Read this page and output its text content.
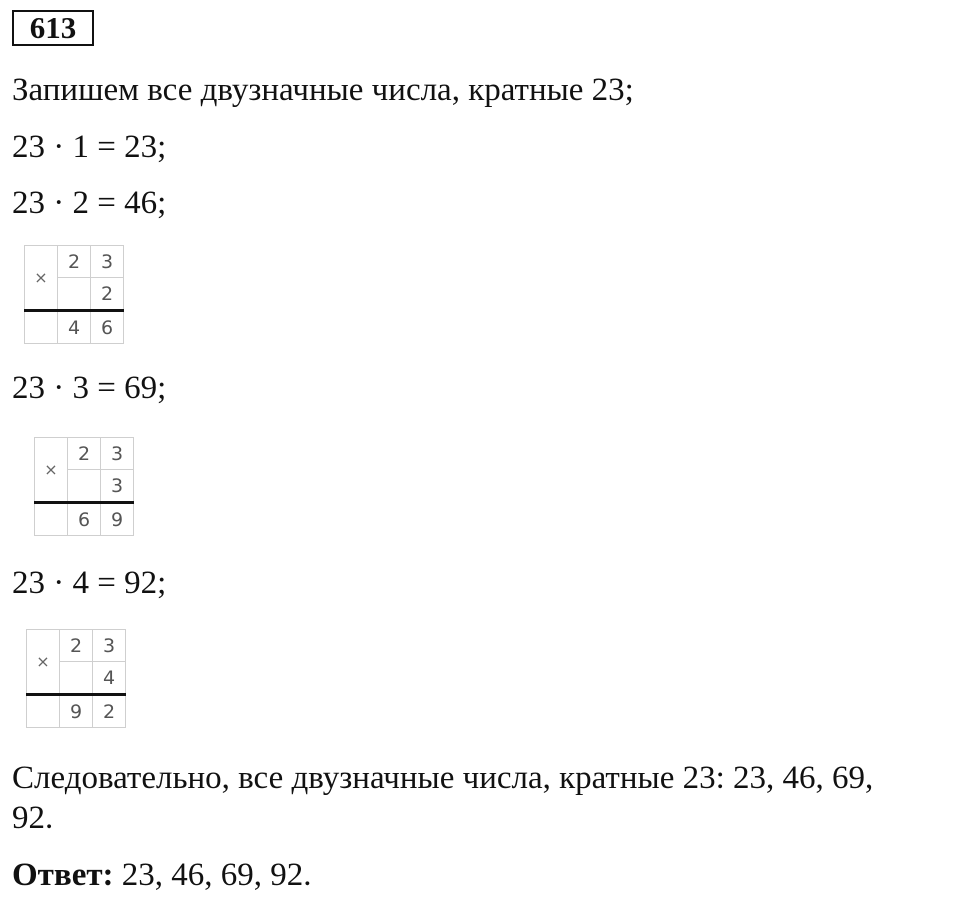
613
Запишем все двузначные числа, кратные 23;
23 · 1 = 23;
23 · 2 = 46;
×	2	3
		2
	4	6
23 · 3 = 69;
×	2	3
		3
	6	9
23 · 4 = 92;
×	2	3
		4
	9	2
Следовательно, все двузначные числа, кратные 23: 23, 46, 69,
92.
Ответ: 23, 46, 69, 92.
